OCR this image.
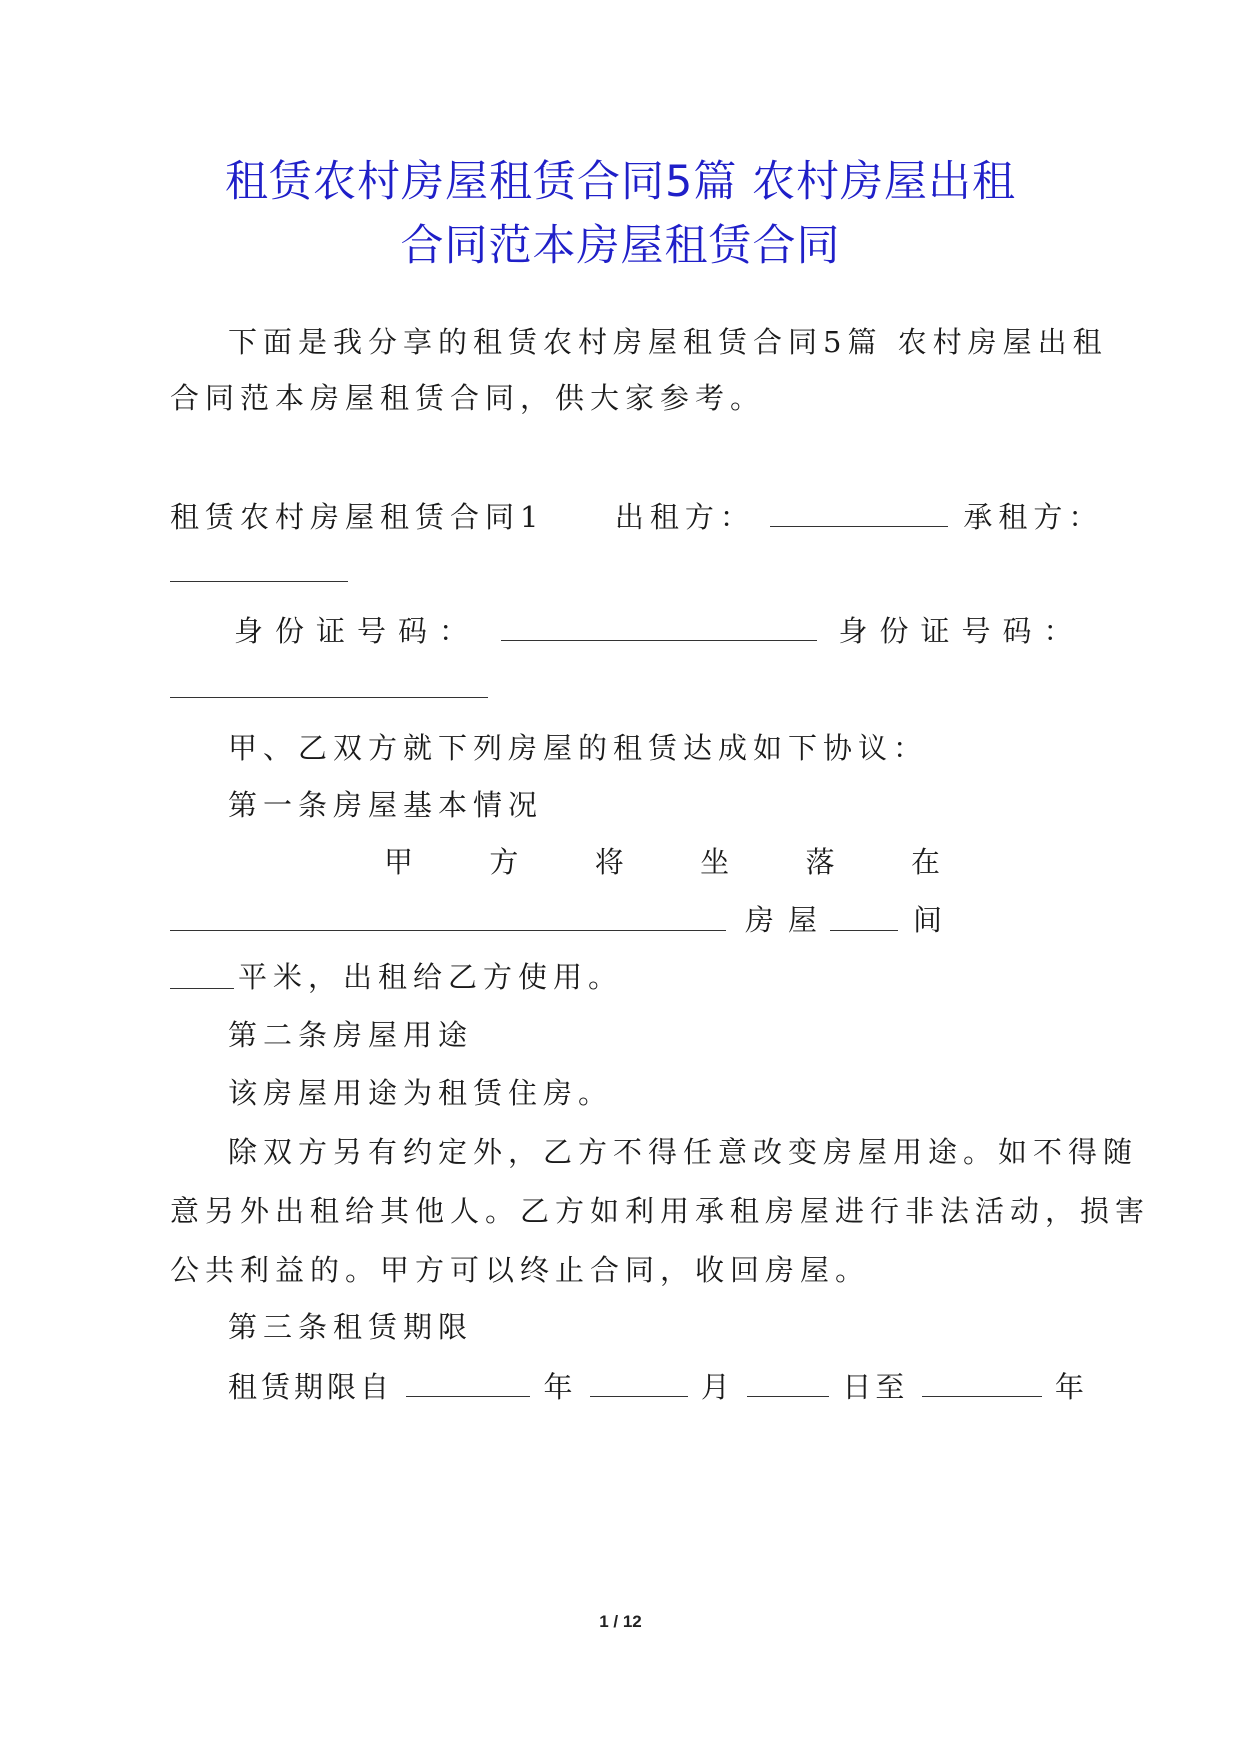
租赁农村房屋租赁合同5篇 农村房屋出租
合同范本房屋租赁合同
下面是我分享的租赁农村房屋租赁合同5篇 农村房屋出租
合同范本房屋租赁合同，供大家参考。
租赁农村房屋租赁合同1 出租方：	承租方：
身份证号码：	身份证号码：
甲、乙双方就下列房屋的租赁达成如下协议：
第一条房屋基本情况
甲	方	将	坐	落	在
房屋	间
平米，出租给乙方使用。
第二条房屋用途
该房屋用途为租赁住房。
除双方另有约定外，乙方不得任意改变房屋用途。如不得随
意另外出租给其他人。乙方如利用承租房屋进行非法活动，损害
公共利益的。甲方可以终止合同，收回房屋。
第三条租赁期限
租赁期限自	年	月	日至	年
1 / 12
